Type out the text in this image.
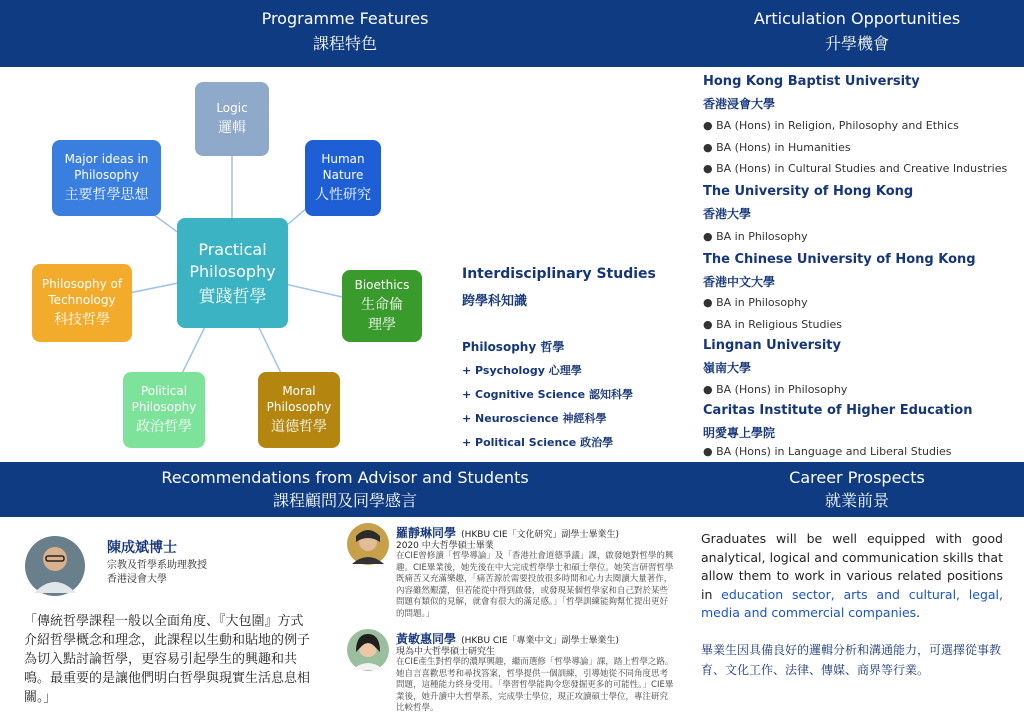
Programme Features
課程特色
Articulation Opportunities
升學機會
Recommendations from Advisor and Students
課程顧問及同學感言
Career Prospects
就業前景
Logic
邏輯
Major ideas in Philosophy
主要哲學思想
Human Nature
人性研究
Practical Philosophy
實踐哲學
Philosophy of Technology
科技哲學
Bioethics
生命倫理學
Political Philosophy
政治哲學
Moral Philosophy
道德哲學
Interdisciplinary Studies
跨學科知識
Philosophy 哲學
+ Psychology 心理學
+ Cognitive Science 認知科學
+ Neuroscience 神經科學
+ Political Science 政治學
Hong Kong Baptist University
香港浸會大學
● BA (Hons) in Religion, Philosophy and Ethics
● BA (Hons) in Humanities
● BA (Hons) in Cultural Studies and Creative Industries
The University of Hong Kong
香港大學
● BA in Philosophy
The Chinese University of Hong Kong
香港中文大學
● BA in Philosophy
● BA in Religious Studies
Lingnan University
嶺南大學
● BA (Hons) in Philosophy
Caritas Institute of Higher Education
明愛專上學院
● BA (Hons) in Language and Liberal Studies
陳成斌博士
宗教及哲學系助理教授
香港浸會大學
「傳統哲學課程一般以全面角度、『大包圍』方式介紹哲學概念和理念，此課程以生動和貼地的例子為切入點討論哲學，更容易引起學生的興趣和共鳴。最重要的是讓他們明白哲學與現實生活息息相關。」
羅靜琳同學 (HKBU CIE「文化研究」副學士畢業生)
2020 中大哲學碩士畢業
在CIE曾修讀「哲學導論」及「香港社會道德爭議」課，啟發她對哲學的興趣。CIE畢業後，她先後在中大完成哲學學士和碩士學位。她笑言研習哲學既痛苦又充滿樂趣，「痛苦源於需要投放很多時間和心力去閱讀大量著作，內容雖然艱澀，但若能從中得到啟發，或發現某個哲學家和自己對於某些問題有類似的見解，就會有很大的滿足感。」「哲學訓練能夠幫忙提出更好的問題。」
黃敏惠同學 (HKBU CIE「專業中文」副學士畢業生)
現為中大哲學碩士研究生
在CIE產生對哲學的濃厚興趣，繼而選修「哲學導論」課，踏上哲學之路。她自言喜歡思考和尋找答案，哲學提供一個訓練，引導她從不同角度思考問題，這種能力終身受用。「學習哲學能夠令您發掘更多的可能性。」CIE畢業後，她升讀中大哲學系，完成學士學位，現正攻讀碩士學位，專注研究比較哲學。
Graduates will be well equipped with good analytical, logical and communication skills that allow them to work in various related positions in education sector, arts and cultural, legal, media and commercial companies.
畢業生因具備良好的邏輯分析和溝通能力，可選擇從事教育、文化工作、法律、傳媒、商界等行業。
